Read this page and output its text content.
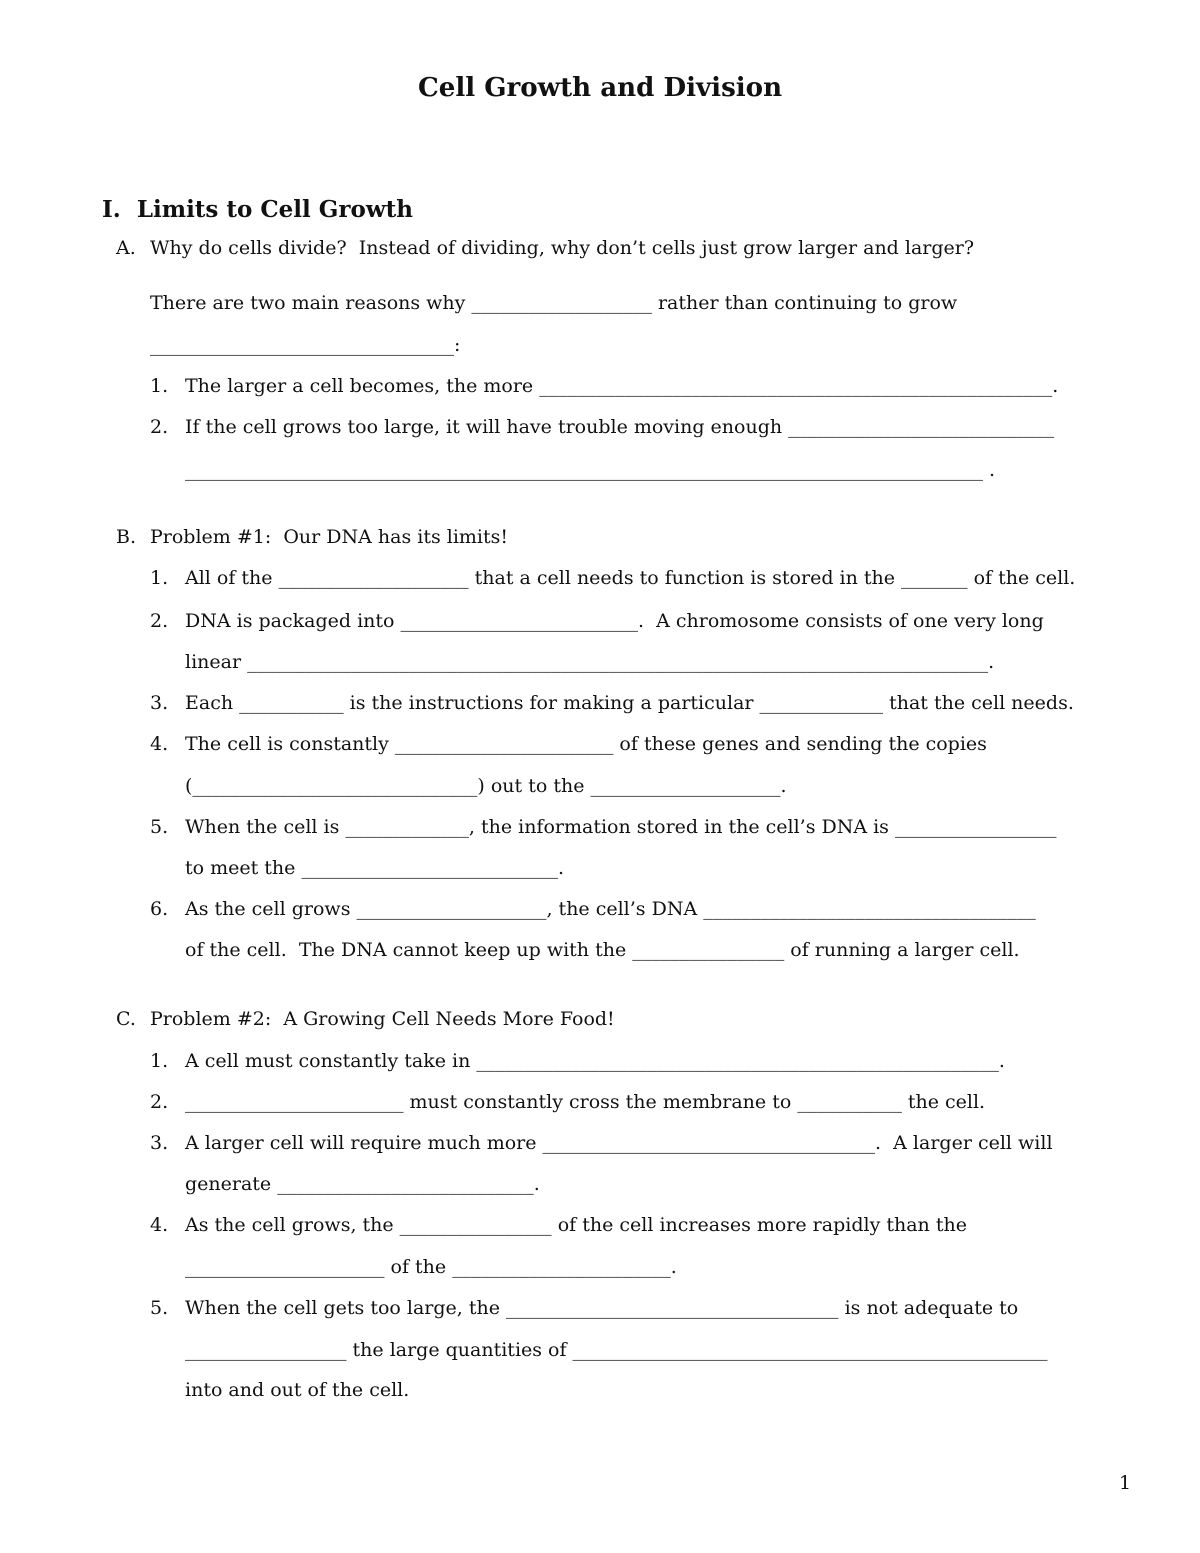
Cell Growth and Division

I. Limits to Cell Growth

A. Why do cells divide?  Instead of dividing, why don’t cells just grow larger and larger?
There are two main reasons why ___________________ rather than continuing to grow
________________________________:
1. The larger a cell becomes, the more ______________________________________________________.
2. If the cell grows too large, it will have trouble moving enough ____________________________
____________________________________________________________________________________ .
B. Problem #1:  Our DNA has its limits!
1. All of the ____________________ that a cell needs to function is stored in the _______ of the cell.
2. DNA is packaged into _________________________.  A chromosome consists of one very long
linear ______________________________________________________________________________.
3. Each ___________ is the instructions for making a particular _____________ that the cell needs.
4. The cell is constantly _______________________ of these genes and sending the copies
(______________________________) out to the ____________________.
5. When the cell is _____________, the information stored in the cell’s DNA is _________________
to meet the ___________________________.
6. As the cell grows ____________________, the cell’s DNA ___________________________________
of the cell.  The DNA cannot keep up with the ________________ of running a larger cell.
C. Problem #2:  A Growing Cell Needs More Food!
1. A cell must constantly take in _______________________________________________________.
2. _______________________ must constantly cross the membrane to ___________ the cell.
3. A larger cell will require much more ___________________________________.  A larger cell will
generate ___________________________.
4. As the cell grows, the ________________ of the cell increases more rapidly than the
_____________________ of the _______________________.
5. When the cell gets too large, the ___________________________________ is not adequate to
_________________ the large quantities of __________________________________________________
into and out of the cell.
1
